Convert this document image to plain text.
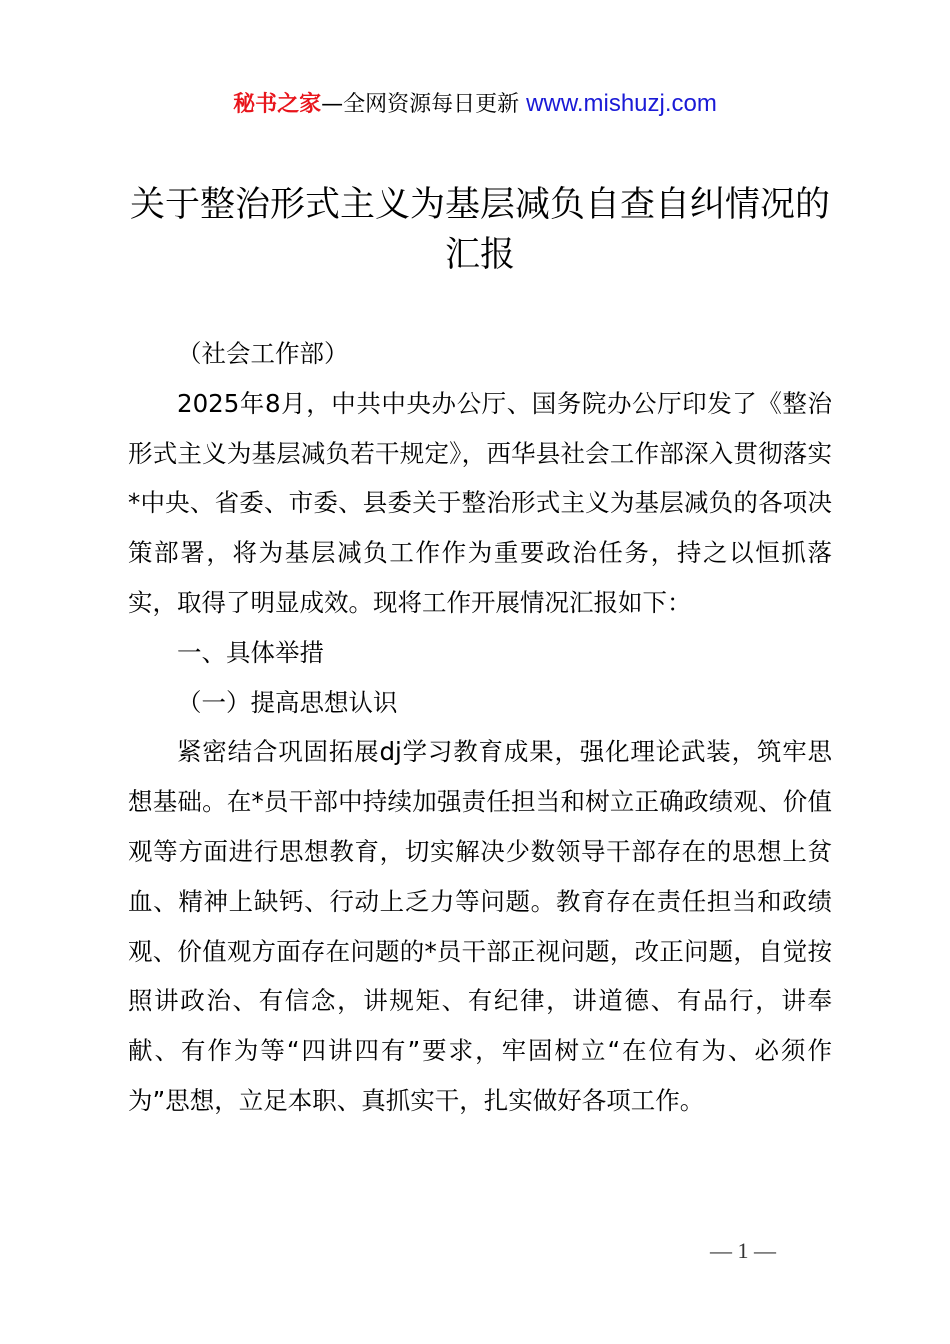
秘书之家—全网资源每日更新 www.mishuzj.com
关于整治形式主义为基层减负自查自纠情况的汇报

（社会工作部）

2025年8月，中共中央办公厅、国务院办公厅印发了《整治形式主义为基层减负若干规定》，西华县社会工作部深入贯彻落实*中央、省委、市委、县委关于整治形式主义为基层减负的各项决策部署，将为基层减负工作作为重要政治任务，持之以恒抓落实，取得了明显成效。现将工作开展情况汇报如下：

一、具体举措

（一）提高思想认识

紧密结合巩固拓展dj学习教育成果，强化理论武装，筑牢思想基础。在*员干部中持续加强责任担当和树立正确政绩观、价值观等方面进行思想教育，切实解决少数领导干部存在的思想上贫血、精神上缺钙、行动上乏力等问题。教育存在责任担当和政绩观、价值观方面存在问题的*员干部正视问题，改正问题，自觉按照讲政治、有信念，讲规矩、有纪律，讲道德、有品行，讲奉献、有作为等“四讲四有”要求，牢固树立“在位有为、必须作为”思想，立足本职、真抓实干，扎实做好各项工作。

— 1 —
